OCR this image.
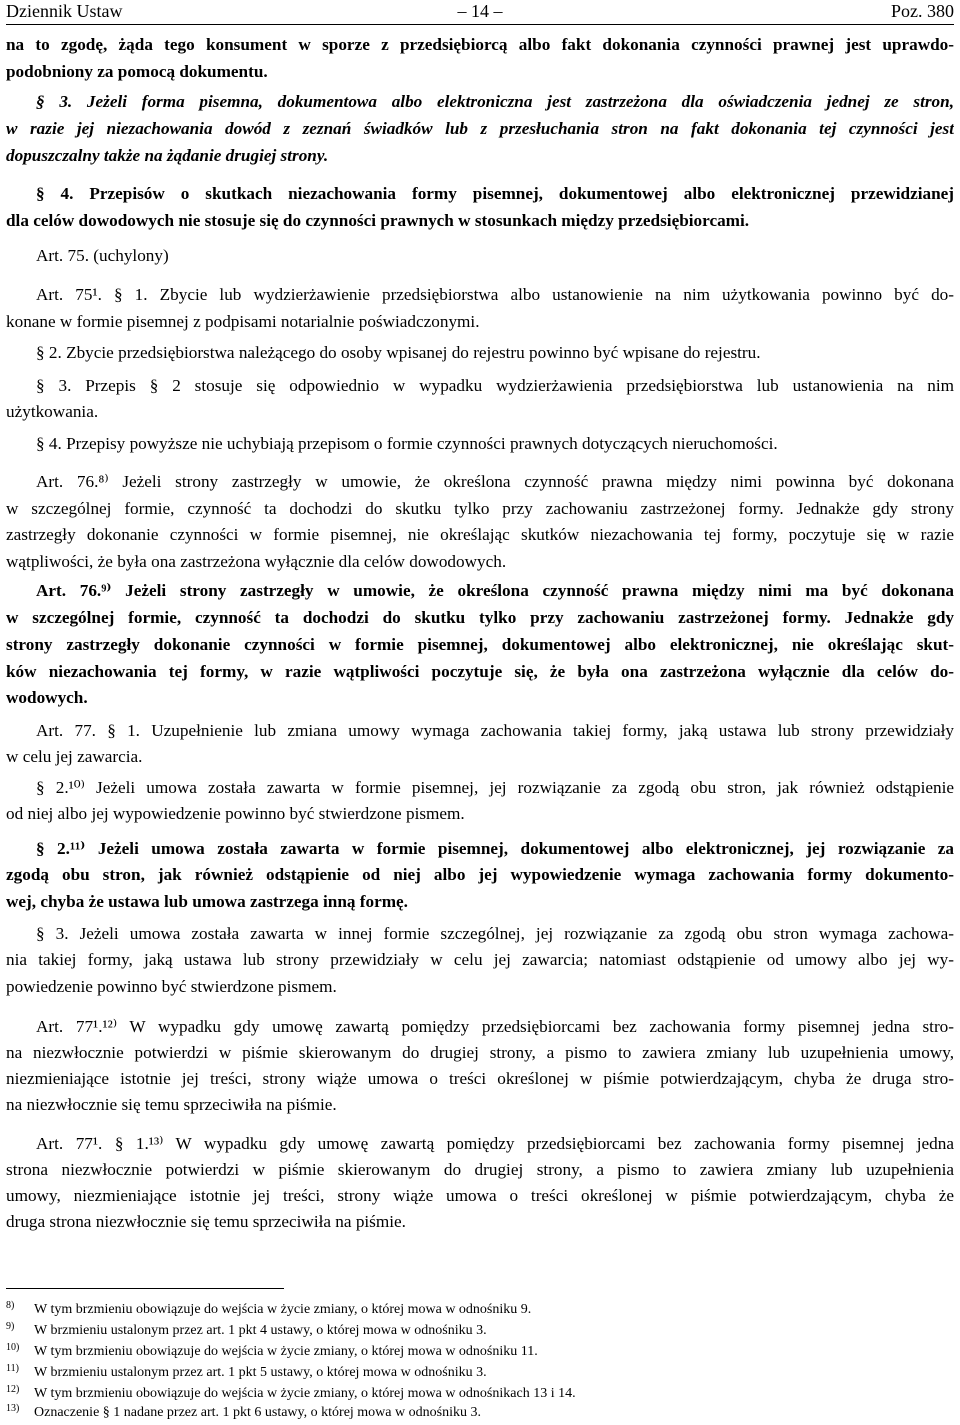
Dziennik Ustaw	– 14 –	Poz. 380
na to zgodę, żąda tego konsument w sporze z przedsiębiorcą albo fakt dokonania czynności prawnej jest uprawdo-
podobniony za pomocą dokumentu.
§ 3. Jeżeli forma pisemna, dokumentowa albo elektroniczna jest zastrzeżona dla oświadczenia jednej ze stron,
w razie jej niezachowania dowód z zeznań świadków lub z przesłuchania stron na fakt dokonania tej czynności jest
dopuszczalny także na żądanie drugiej strony.
§ 4. Przepisów o skutkach niezachowania formy pisemnej, dokumentowej albo elektronicznej przewidzianej
dla celów dowodowych nie stosuje się do czynności prawnych w stosunkach między przedsiębiorcami.
Art. 75. (uchylony)
Art. 75¹. § 1. Zbycie lub wydzierżawienie przedsiębiorstwa albo ustanowienie na nim użytkowania powinno być do-
konane w formie pisemnej z podpisami notarialnie poświadczonymi.
§ 2. Zbycie przedsiębiorstwa należącego do osoby wpisanej do rejestru powinno być wpisane do rejestru.
§ 3. Przepis § 2 stosuje się odpowiednio w wypadku wydzierżawienia przedsiębiorstwa lub ustanowienia na nim
użytkowania.
§ 4. Przepisy powyższe nie uchybiają przepisom o formie czynności prawnych dotyczących nieruchomości.
Art. 76.⁸⁾ Jeżeli strony zastrzegły w umowie, że określona czynność prawna między nimi powinna być dokonana
w szczególnej formie, czynność ta dochodzi do skutku tylko przy zachowaniu zastrzeżonej formy. Jednakże gdy strony
zastrzegły dokonanie czynności w formie pisemnej, nie określając skutków niezachowania tej formy, poczytuje się w razie
wątpliwości, że była ona zastrzeżona wyłącznie dla celów dowodowych.
Art. 76.⁹⁾ Jeżeli strony zastrzegły w umowie, że określona czynność prawna między nimi ma być dokonana
w szczególnej formie, czynność ta dochodzi do skutku tylko przy zachowaniu zastrzeżonej formy. Jednakże gdy
strony zastrzegły dokonanie czynności w formie pisemnej, dokumentowej albo elektronicznej, nie określając skut-
ków niezachowania tej formy, w razie wątpliwości poczytuje się, że była ona zastrzeżona wyłącznie dla celów do-
wodowych.
Art. 77. § 1. Uzupełnienie lub zmiana umowy wymaga zachowania takiej formy, jaką ustawa lub strony przewidziały
w celu jej zawarcia.
§ 2.¹⁰⁾ Jeżeli umowa została zawarta w formie pisemnej, jej rozwiązanie za zgodą obu stron, jak również odstąpienie
od niej albo jej wypowiedzenie powinno być stwierdzone pismem.
§ 2.¹¹⁾ Jeżeli umowa została zawarta w formie pisemnej, dokumentowej albo elektronicznej, jej rozwiązanie za
zgodą obu stron, jak również odstąpienie od niej albo jej wypowiedzenie wymaga zachowania formy dokumento-
wej, chyba że ustawa lub umowa zastrzega inną formę.
§ 3. Jeżeli umowa została zawarta w innej formie szczególnej, jej rozwiązanie za zgodą obu stron wymaga zachowa-
nia takiej formy, jaką ustawa lub strony przewidziały w celu jej zawarcia; natomiast odstąpienie od umowy albo jej wy-
powiedzenie powinno być stwierdzone pismem.
Art. 77¹.¹²⁾ W wypadku gdy umowę zawartą pomiędzy przedsiębiorcami bez zachowania formy pisemnej jedna stro-
na niezwłocznie potwierdzi w piśmie skierowanym do drugiej strony, a pismo to zawiera zmiany lub uzupełnienia umowy,
niezmieniające istotnie jej treści, strony wiąże umowa o treści określonej w piśmie potwierdzającym, chyba że druga stro-
na niezwłocznie się temu sprzeciwiła na piśmie.
Art. 77¹. § 1.¹³⁾ W wypadku gdy umowę zawartą pomiędzy przedsiębiorcami bez zachowania formy pisemnej jedna
strona niezwłocznie potwierdzi w piśmie skierowanym do drugiej strony, a pismo to zawiera zmiany lub uzupełnienia
umowy, niezmieniające istotnie jej treści, strony wiąże umowa o treści określonej w piśmie potwierdzającym, chyba że
druga strona niezwłocznie się temu sprzeciwiła na piśmie.
8) W tym brzmieniu obowiązuje do wejścia w życie zmiany, o której mowa w odnośniku 9.
9) W brzmieniu ustalonym przez art. 1 pkt 4 ustawy, o której mowa w odnośniku 3.
10) W tym brzmieniu obowiązuje do wejścia w życie zmiany, o której mowa w odnośniku 11.
11) W brzmieniu ustalonym przez art. 1 pkt 5 ustawy, o której mowa w odnośniku 3.
12) W tym brzmieniu obowiązuje do wejścia w życie zmiany, o której mowa w odnośnikach 13 i 14.
13) Oznaczenie § 1 nadane przez art. 1 pkt 6 ustawy, o której mowa w odnośniku 3.
